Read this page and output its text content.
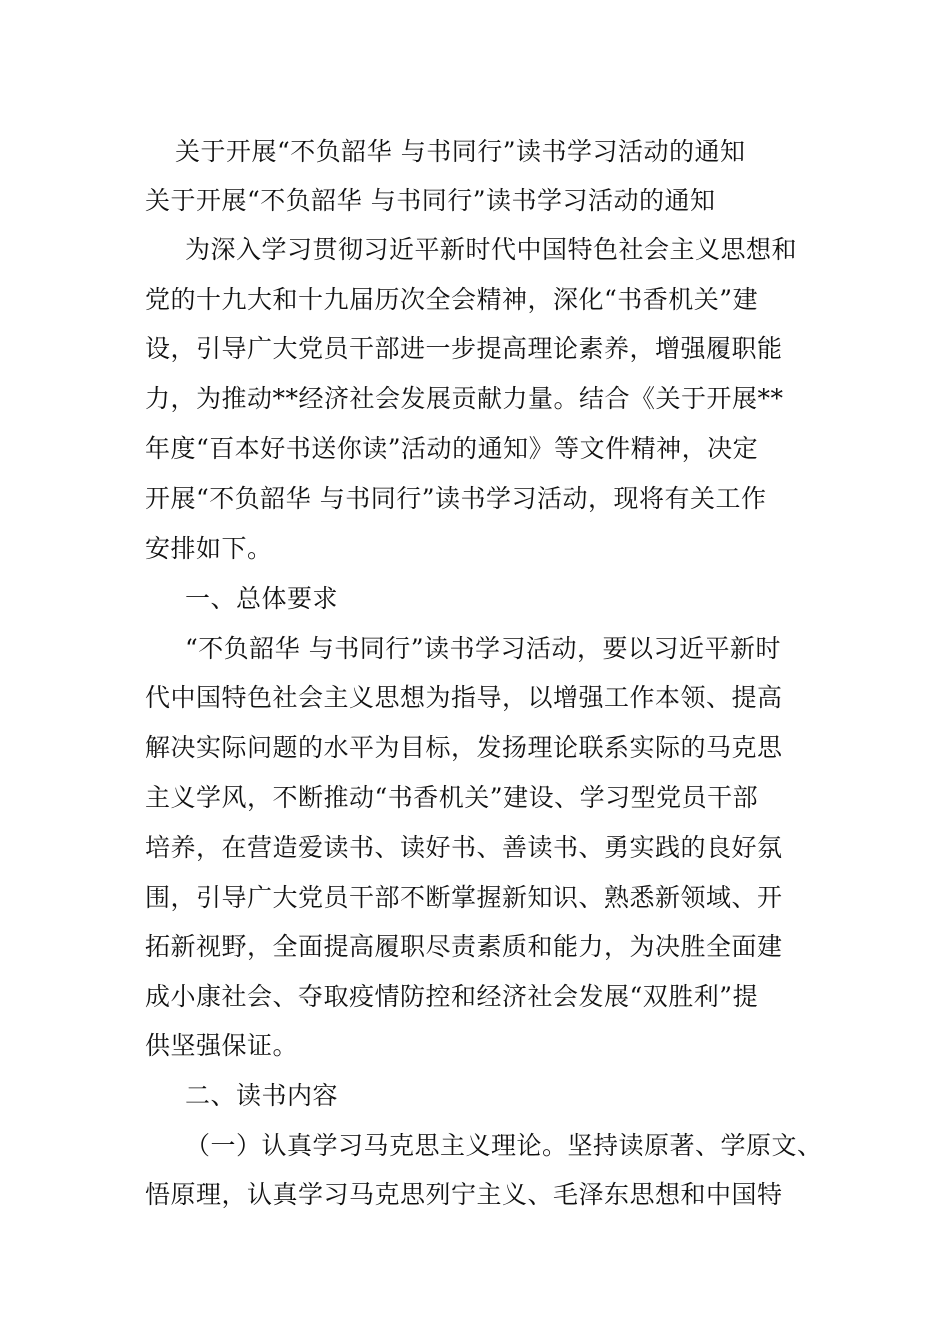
关于开展“不负韶华 与书同行”读书学习活动的通知
关于开展“不负韶华 与书同行”读书学习活动的通知
为深入学习贯彻习近平新时代中国特色社会主义思想和
党的十九大和十九届历次全会精神，深化“书香机关”建
设，引导广大党员干部进一步提高理论素养，增强履职能
力，为推动**经济社会发展贡献力量。结合《关于开展**
年度“百本好书送你读”活动的通知》等文件精神，决定
开展“不负韶华 与书同行”读书学习活动，现将有关工作
安排如下。
一、总体要求
“不负韶华 与书同行”读书学习活动，要以习近平新时
代中国特色社会主义思想为指导，以增强工作本领、提高
解决实际问题的水平为目标，发扬理论联系实际的马克思
主义学风，不断推动“书香机关”建设、学习型党员干部
培养，在营造爱读书、读好书、善读书、勇实践的良好氛
围，引导广大党员干部不断掌握新知识、熟悉新领域、开
拓新视野，全面提高履职尽责素质和能力，为决胜全面建
成小康社会、夺取疫情防控和经济社会发展“双胜利”提
供坚强保证。
二、读书内容
（一）认真学习马克思主义理论。坚持读原著、学原文、
悟原理，认真学习马克思列宁主义、毛泽东思想和中国特
